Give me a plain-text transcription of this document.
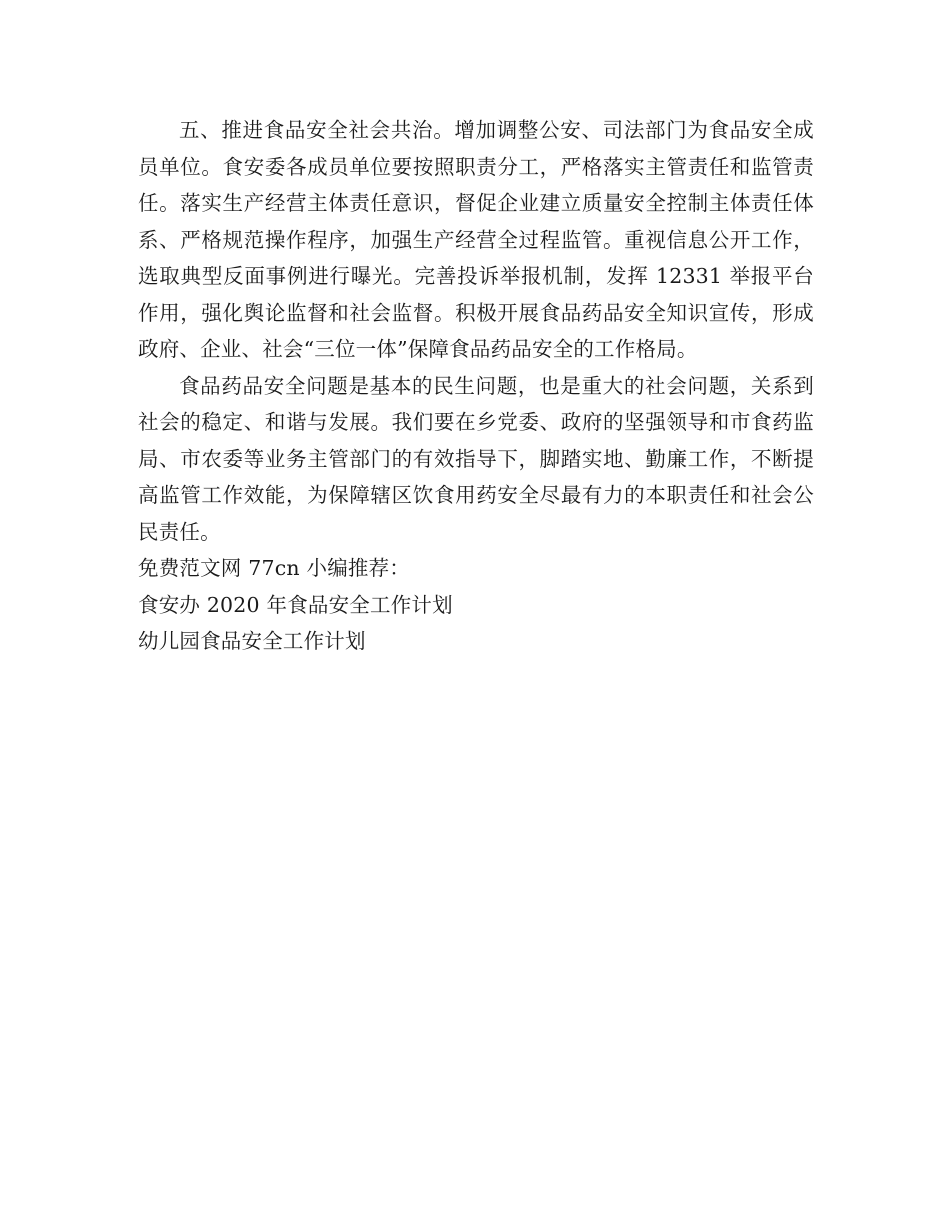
五、推进食品安全社会共治。增加调整公安、司法部门为食品安全成员单位。食安委各成员单位要按照职责分工，严格落实主管责任和监管责任。落实生产经营主体责任意识，督促企业建立质量安全控制主体责任体系、严格规范操作程序，加强生产经营全过程监管。重视信息公开工作，选取典型反面事例进行曝光。完善投诉举报机制，发挥 12331 举报平台作用，强化舆论监督和社会监督。积极开展食品药品安全知识宣传，形成政府、企业、社会“三位一体”保障食品药品安全的工作格局。

食品药品安全问题是基本的民生问题，也是重大的社会问题，关系到社会的稳定、和谐与发展。我们要在乡党委、政府的坚强领导和市食药监局、市农委等业务主管部门的有效指导下，脚踏实地、勤廉工作，不断提高监管工作效能，为保障辖区饮食用药安全尽最有力的本职责任和社会公民责任。

免费范文网 77cn 小编推荐：

食安办 2020 年食品安全工作计划

幼儿园食品安全工作计划
